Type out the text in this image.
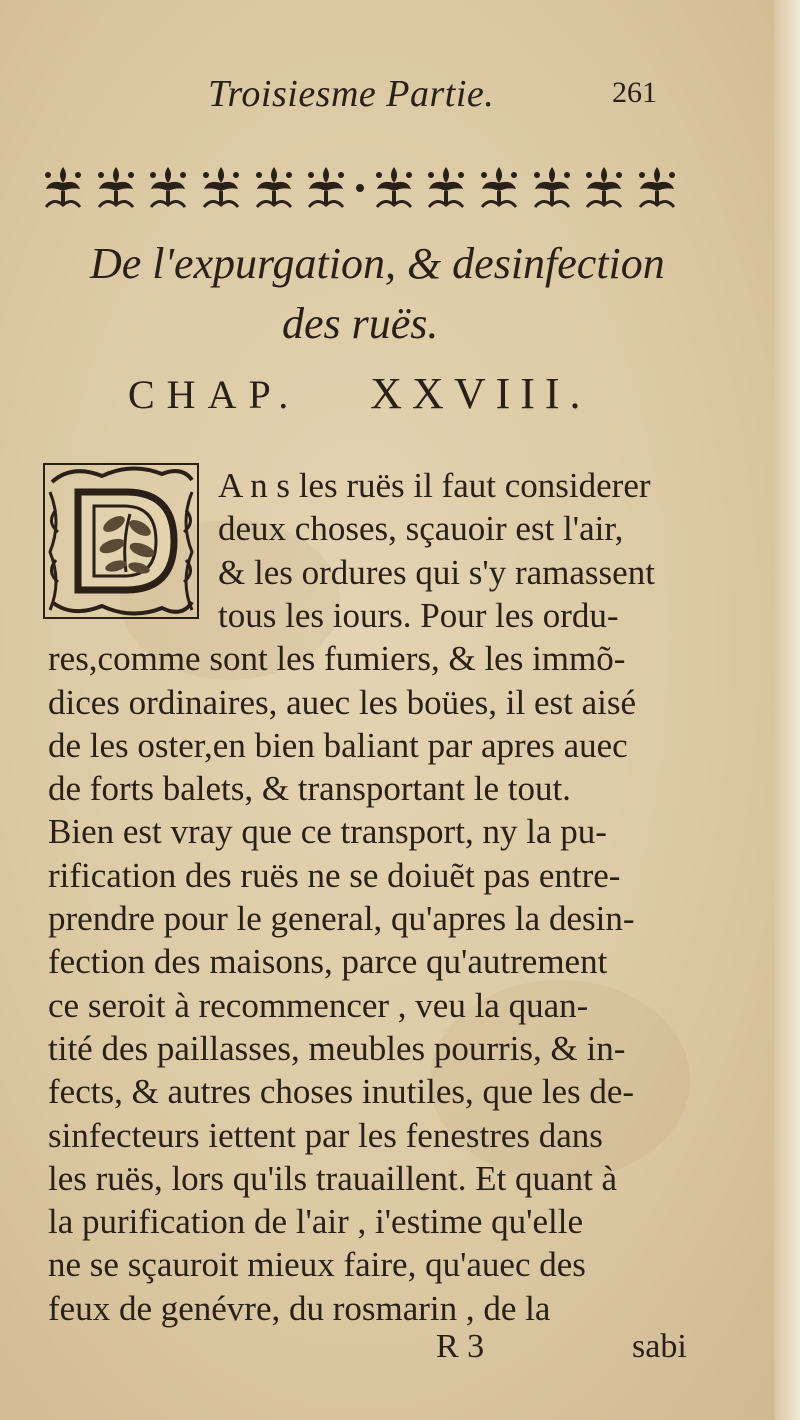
Troisiesme Partie.	261
De l'expurgation, & desinfection
des ruës.
CHAP. XXVIII.
A n s les ruës il faut considerer
deux choses, sçauoir est l'air,
& les ordures qui s'y ramassent
tous les iours. Pour les ordu-
res,comme sont les fumiers, & les immõ-
dices ordinaires, auec les boües, il est aisé
de les oster,en bien baliant par apres auec
de forts balets, & transportant le tout.
Bien est vray que ce transport, ny la pu-
rification des ruës ne se doiuẽt pas entre-
prendre pour le general, qu'apres la desin-
fection des maisons, parce qu'autrement
ce seroit à recommencer , veu la quan-
tité des paillasses, meubles pourris, & in-
fects, & autres choses inutiles, que les de-
sinfecteurs iettent par les fenestres dans
les ruës, lors qu'ils trauaillent. Et quant à
la purification de l'air , i'estime qu'elle
ne se sçauroit mieux faire, qu'auec des
feux de genévre, du rosmarin , de la
R 3	sabi
